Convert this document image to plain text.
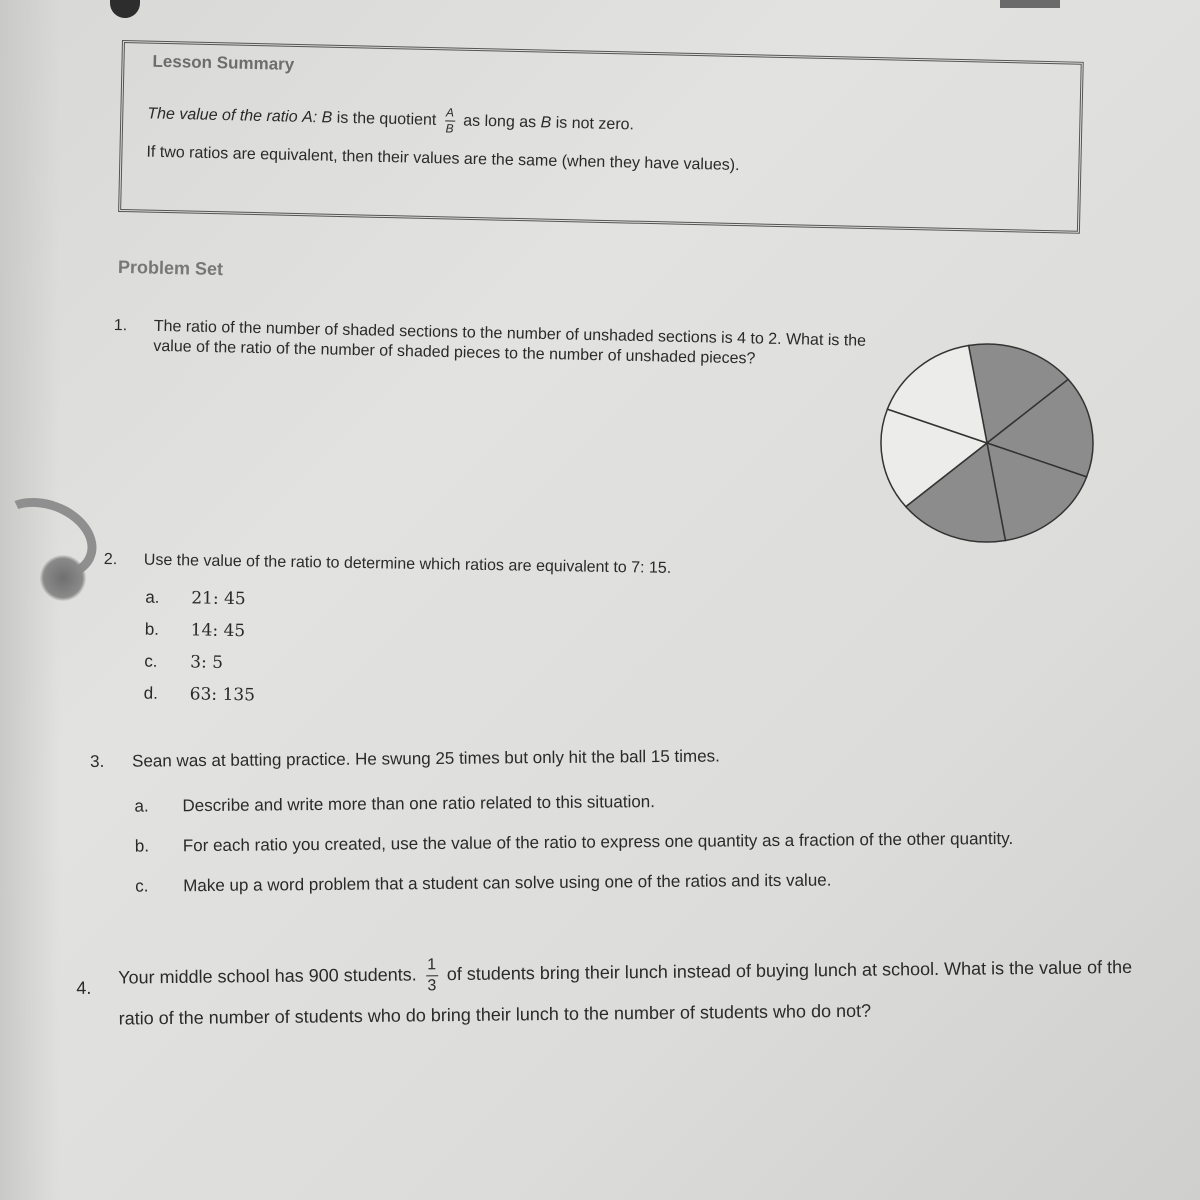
Lesson Summary
The value of the ratio A: B is the quotient $\frac{A}{B}$ as long as B is not zero.
If two ratios are equivalent, then their values are the same (when they have values).
Problem Set
1. The ratio of the number of shaded sections to the number of unshaded sections is 4 to 2. What is the value of the ratio of the number of shaded pieces to the number of unshaded pieces?
2. Use the value of the ratio to determine which ratios are equivalent to 7: 15.
a.	21: 45
b.	14: 45
c.	3: 5
d.	63: 135
3. Sean was at batting practice. He swung 25 times but only hit the ball 15 times.
a. Describe and write more than one ratio related to this situation.
b. For each ratio you created, use the value of the ratio to express one quantity as a fraction of the other quantity.
c. Make up a word problem that a student can solve using one of the ratios and its value.
4.
Your middle school has 900 students. $\frac{1}{3}$ of students bring their lunch instead of buying lunch at school. What is the value of the ratio of the number of students who do bring their lunch to the number of students who do not?
